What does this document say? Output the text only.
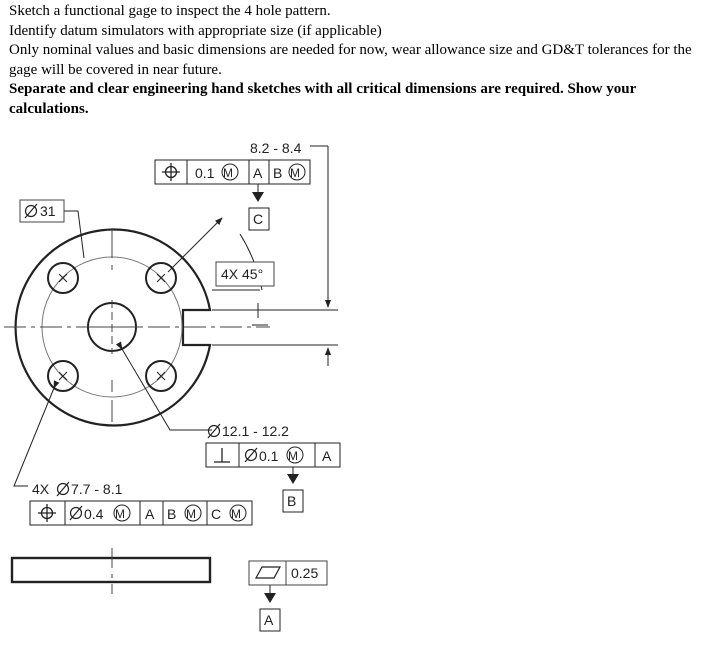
Sketch a functional gage to inspect the 4 hole pattern.

Identify datum simulators with appropriate size (if applicable)

Only nominal values and basic dimensions are needed for now, wear allowance size and GD&T tolerances for the gage will be covered in near future.

Separate and clear engineering hand sketches with all critical dimensions are required. Show your calculations.

8.2 - 8.4
0.1 M A B M
C
31
4X 45°
12.1 - 12.2
0.1 M A
B
4X 7.7 - 8.1
0.4 M A B M C M
0.25
A
